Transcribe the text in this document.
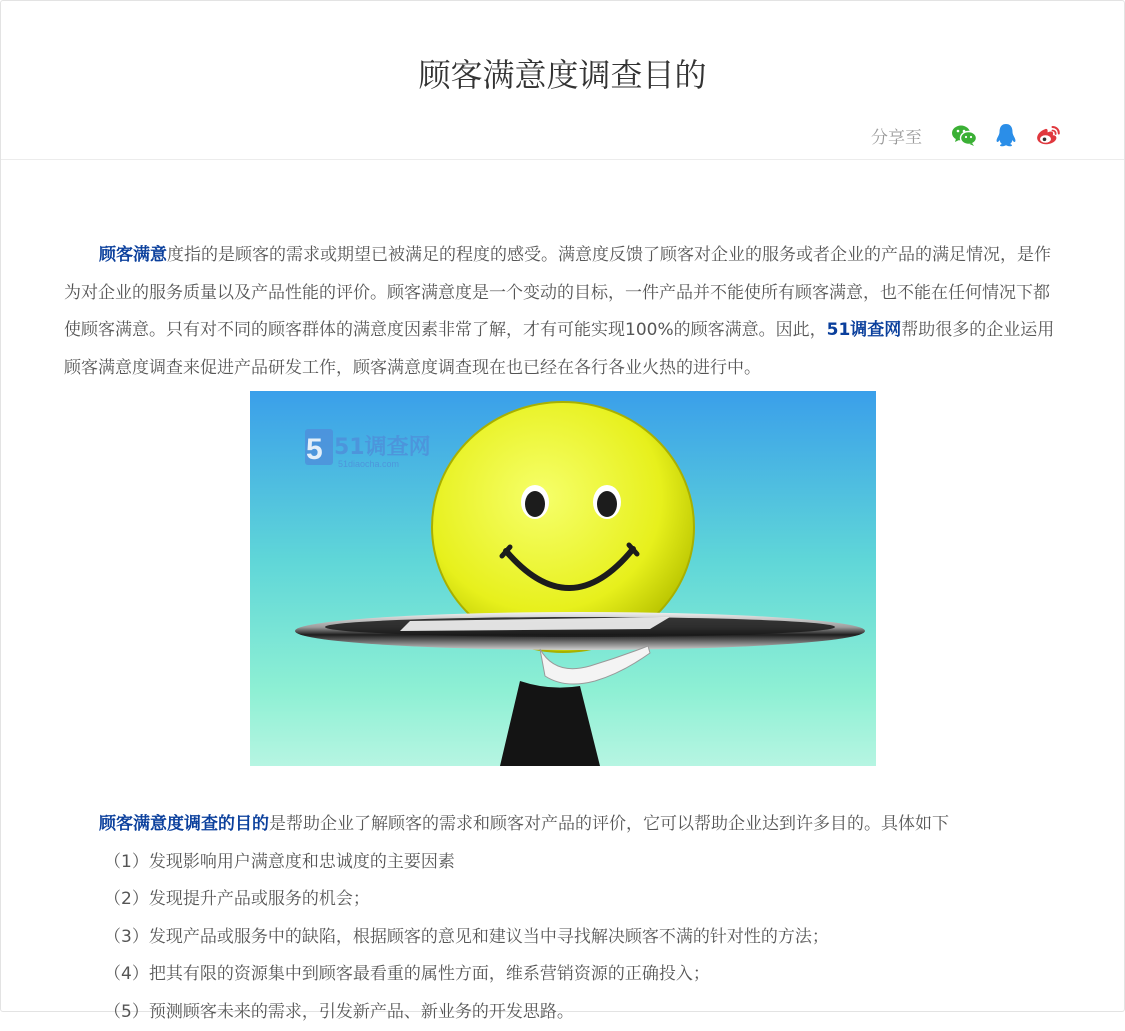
顾客满意度调查目的
分享至

顾客满意度指的是顾客的需求或期望已被满足的程度的感受。满意度反馈了顾客对企业的服务或者企业的产品的满足情况，是作为对企业的服务质量以及产品性能的评价。顾客满意度是一个变动的目标，一件产品并不能使所有顾客满意，也不能在任何情况下都使顾客满意。只有对不同的顾客群体的满意度因素非常了解，才有可能实现100%的顾客满意。因此，51调查网帮助很多的企业运用顾客满意度调查来促进产品研发工作，顾客满意度调查现在也已经在各行各业火热的进行中。

5 51调查网
51diaocha.com

顾客满意度调查的目的是帮助企业了解顾客的需求和顾客对产品的评价，它可以帮助企业达到许多目的。具体如下

（1）发现影响用户满意度和忠诚度的主要因素

（2）发现提升产品或服务的机会；

（3）发现产品或服务中的缺陷，根据顾客的意见和建议当中寻找解决顾客不满的针对性的方法；

（4）把其有限的资源集中到顾客最看重的属性方面，维系营销资源的正确投入；

（5）预测顾客未来的需求，引发新产品、新业务的开发思路。
